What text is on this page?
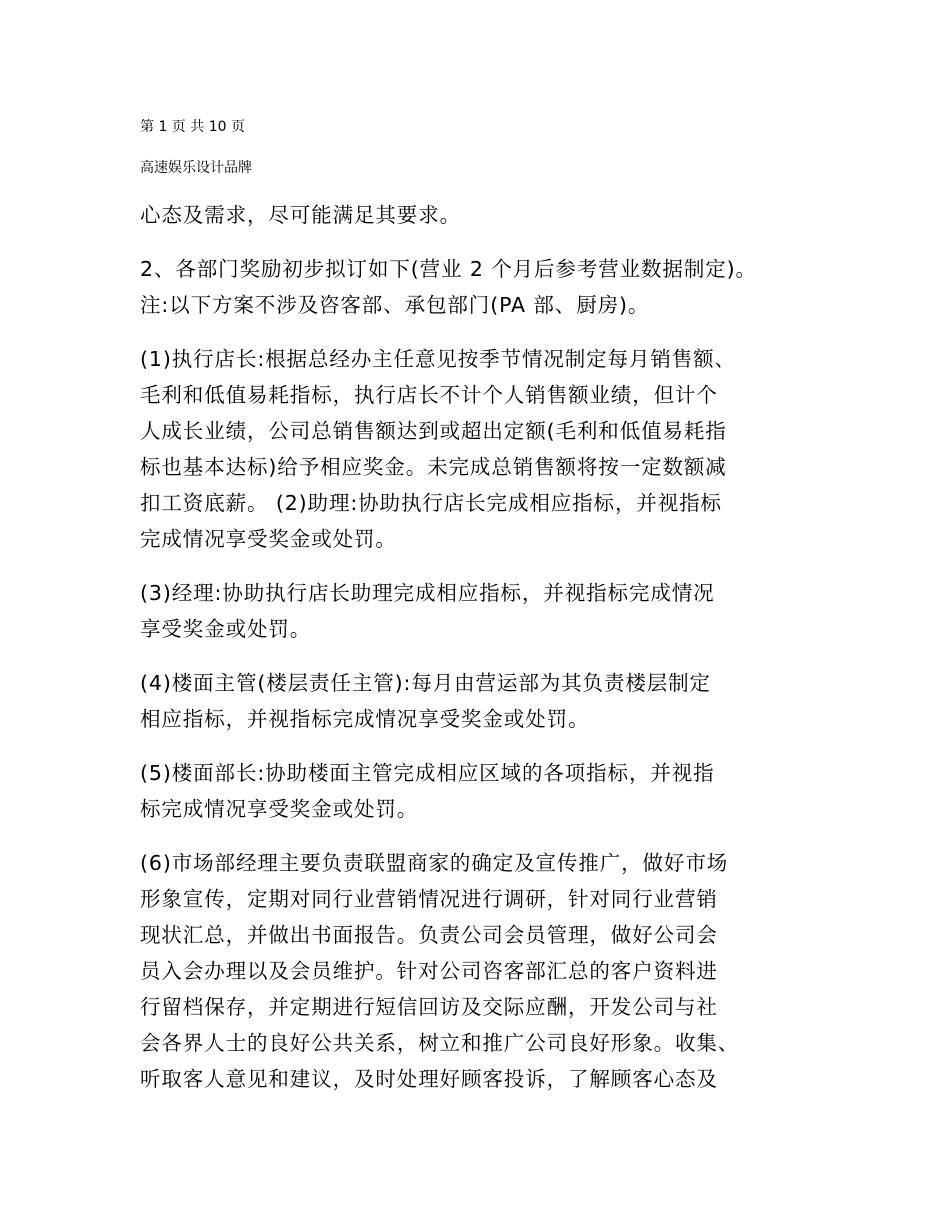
第 1 页 共 10 页
高速娱乐设计品牌
心态及需求，尽可能满足其要求。
2、各部门奖励初步拟订如下(营业 2 个月后参考营业数据制定)。
注:以下方案不涉及咨客部、承包部门(PA 部、厨房)。
(1)执行店长:根据总经办主任意见按季节情况制定每月销售额、
毛利和低值易耗指标，执行店长不计个人销售额业绩，但计个
人成长业绩，公司总销售额达到或超出定额(毛利和低值易耗指
标也基本达标)给予相应奖金。未完成总销售额将按一定数额减
扣工资底薪。 (2)助理:协助执行店长完成相应指标，并视指标
完成情况享受奖金或处罚。
(3)经理:协助执行店长助理完成相应指标，并视指标完成情况
享受奖金或处罚。
(4)楼面主管(楼层责任主管):每月由营运部为其负责楼层制定
相应指标，并视指标完成情况享受奖金或处罚。
(5)楼面部长:协助楼面主管完成相应区域的各项指标，并视指
标完成情况享受奖金或处罚。
(6)市场部经理主要负责联盟商家的确定及宣传推广，做好市场
形象宣传，定期对同行业营销情况进行调研，针对同行业营销
现状汇总，并做出书面报告。负责公司会员管理，做好公司会
员入会办理以及会员维护。针对公司咨客部汇总的客户资料进
行留档保存，并定期进行短信回访及交际应酬，开发公司与社
会各界人士的良好公共关系，树立和推广公司良好形象。收集、
听取客人意见和建议，及时处理好顾客投诉，了解顾客心态及
